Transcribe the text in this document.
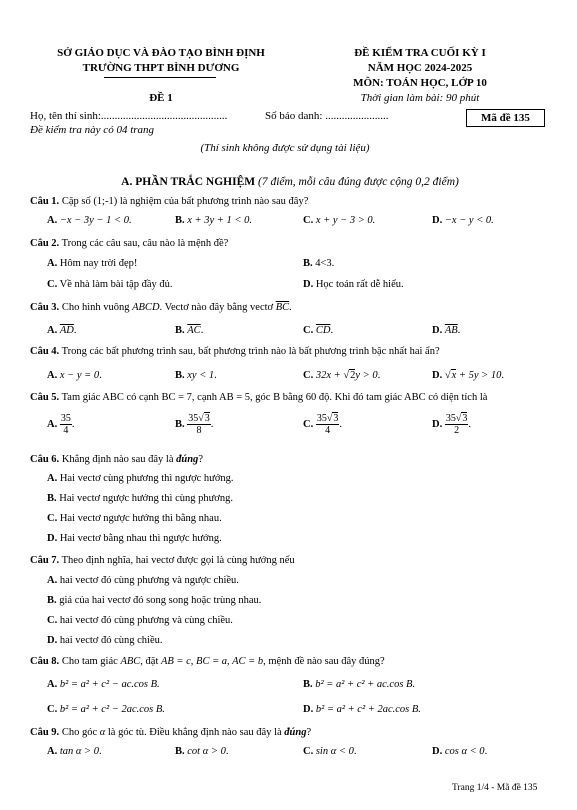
SỞ GIÁO DỤC VÀ ĐÀO TẠO BÌNH ĐỊNH
TRƯỜNG THPT BÌNH DƯƠNG
ĐỀ 1
ĐỀ KIỂM TRA CUỐI KỲ I
NĂM HỌC 2024-2025
MÔN: TOÁN HỌC, LỚP 10
Thời gian làm bài: 90 phút
Họ, tên thí sinh:..............................................	Số báo danh: .......................
Đề kiểm tra này có 04 trang
Mã đề 135
(Thí sinh không được sử dụng tài liệu)
A. PHẦN TRẮC NGHIỆM (7 điểm, mỗi câu đúng được cộng 0,2 điểm)
Câu 1. Cặp số (1;-1) là nghiệm của bất phương trình nào sau đây?
A. −x − 3y − 1 < 0.	B. x + 3y + 1 < 0.	C. x + y − 3 > 0.	D. −x − y < 0.
Câu 2. Trong các câu sau, câu nào là mệnh đề?
A. Hôm nay trời đẹp!	B. 4<3.
C. Về nhà làm bài tập đầy đủ.	D. Học toán rất dễ hiểu.
Câu 3. Cho hình vuông ABCD. Vectơ nào đây bằng vectơ $\overline{BC}$.
A. $\overline{AD}$.	B. $\overline{AC}$.	C. $\overline{CD}$.	D. $\overline{AB}$.
Câu 4. Trong các bất phương trình sau, bất phương trình nào là bất phương trình bậc nhất hai ẩn?
A. x − y = 0.	B. xy < 1.	C. 32x + √2y > 0.	D. √x + 5y > 10.
Câu 5. Tam giác ABC có cạnh BC = 7, cạnh AB = 5, góc B bằng 60 độ. Khi đó tam giác ABC có diện tích là
A. $\frac{35}{4}$ .	B. $\frac{35√3}{8}$ .	C. $\frac{35√3}{4}$ .	D. $\frac{35√3}{2}$ .
Câu 6. Khẳng định nào sau đây là đúng?
A. Hai vectơ cùng phương thì ngược hướng.
B. Hai vectơ ngược hướng thì cùng phương.
C. Hai vectơ ngược hướng thì bằng nhau.
D. Hai vectơ bằng nhau thì ngược hướng.
Câu 7. Theo định nghĩa, hai vectơ được gọi là cùng hướng nếu
A. hai vectơ đó cùng phương và ngược chiều.
B. giá của hai vectơ đó song song hoặc trùng nhau.
C. hai vectơ đó cùng phương và cùng chiều.
D. hai vectơ đó cùng chiều.
Câu 8. Cho tam giác ABC, đặt AB = c, BC = a, AC = b, mệnh đề nào sau đây đúng?
A. b² = a² + c² − ac.cos B.	B. b² = a² + c² + ac.cos B.
C. b² = a² + c² − 2ac.cos B.	D. b² = a² + c² + 2ac.cos B.
Câu 9. Cho góc α là góc tù. Điều khẳng định nào sau đây là đúng?
A. tan α > 0.	B. cot α > 0.	C. sin α < 0.	D. cos α < 0.
Trang 1/4 - Mã đề 135
